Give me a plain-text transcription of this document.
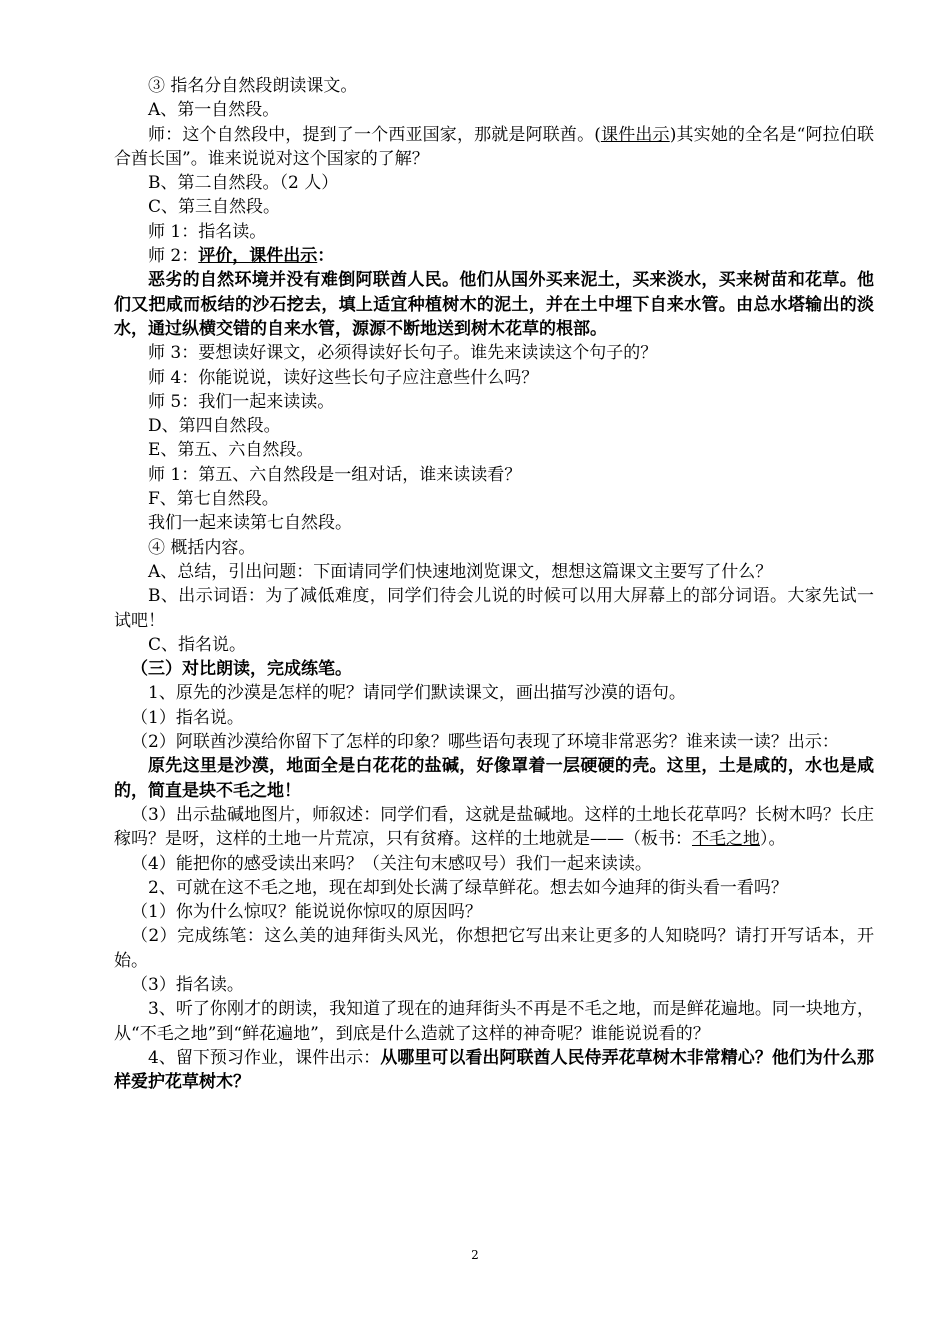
③ 指名分自然段朗读课文。

A、第一自然段。

师：这个自然段中，提到了一个西亚国家，那就是阿联酋。(课件出示)其实她的全名是“阿拉伯联合酋长国”。谁来说说对这个国家的了解？

B、第二自然段。（2 人）

C、第三自然段。

师 1：指名读。

师 2：评价，课件出示：

恶劣的自然环境并没有难倒阿联酋人民。他们从国外买来泥土，买来淡水，买来树苗和花草。他们又把咸而板结的沙石挖去，填上适宜种植树木的泥土，并在土中埋下自来水管。由总水塔输出的淡水，通过纵横交错的自来水管，源源不断地送到树木花草的根部。

师 3：要想读好课文，必须得读好长句子。谁先来读读这个句子的？

师 4：你能说说，读好这些长句子应注意些什么吗？

师 5：我们一起来读读。

D、第四自然段。

E、第五、六自然段。

师 1：第五、六自然段是一组对话，谁来读读看？

F、第七自然段。

我们一起来读第七自然段。

④ 概括内容。

A、总结，引出问题：下面请同学们快速地浏览课文，想想这篇课文主要写了什么？

B、出示词语：为了减低难度，同学们待会儿说的时候可以用大屏幕上的部分词语。大家先试一试吧！

C、指名说。

（三）对比朗读，完成练笔。

1、原先的沙漠是怎样的呢？请同学们默读课文，画出描写沙漠的语句。

（1）指名说。

（2）阿联酋沙漠给你留下了怎样的印象？哪些语句表现了环境非常恶劣？谁来读一读？出示：

原先这里是沙漠，地面全是白花花的盐碱，好像罩着一层硬硬的壳。这里，土是咸的，水也是咸的，简直是块不毛之地！

（3）出示盐碱地图片，师叙述：同学们看，这就是盐碱地。这样的土地长花草吗？长树木吗？长庄稼吗？是呀，这样的土地一片荒凉，只有贫瘠。这样的土地就是——（板书：不毛之地）。

（4）能把你的感受读出来吗？（关注句末感叹号）我们一起来读读。

2、可就在这不毛之地，现在却到处长满了绿草鲜花。想去如今迪拜的街头看一看吗？

（1）你为什么惊叹？能说说你惊叹的原因吗？

（2）完成练笔：这么美的迪拜街头风光，你想把它写出来让更多的人知晓吗？请打开写话本，开始。

（3）指名读。

3、听了你刚才的朗读，我知道了现在的迪拜街头不再是不毛之地，而是鲜花遍地。同一块地方，从“不毛之地”到“鲜花遍地”，到底是什么造就了这样的神奇呢？谁能说说看的？

4、留下预习作业，课件出示：从哪里可以看出阿联酋人民侍弄花草树木非常精心？他们为什么那样爱护花草树木？

2
